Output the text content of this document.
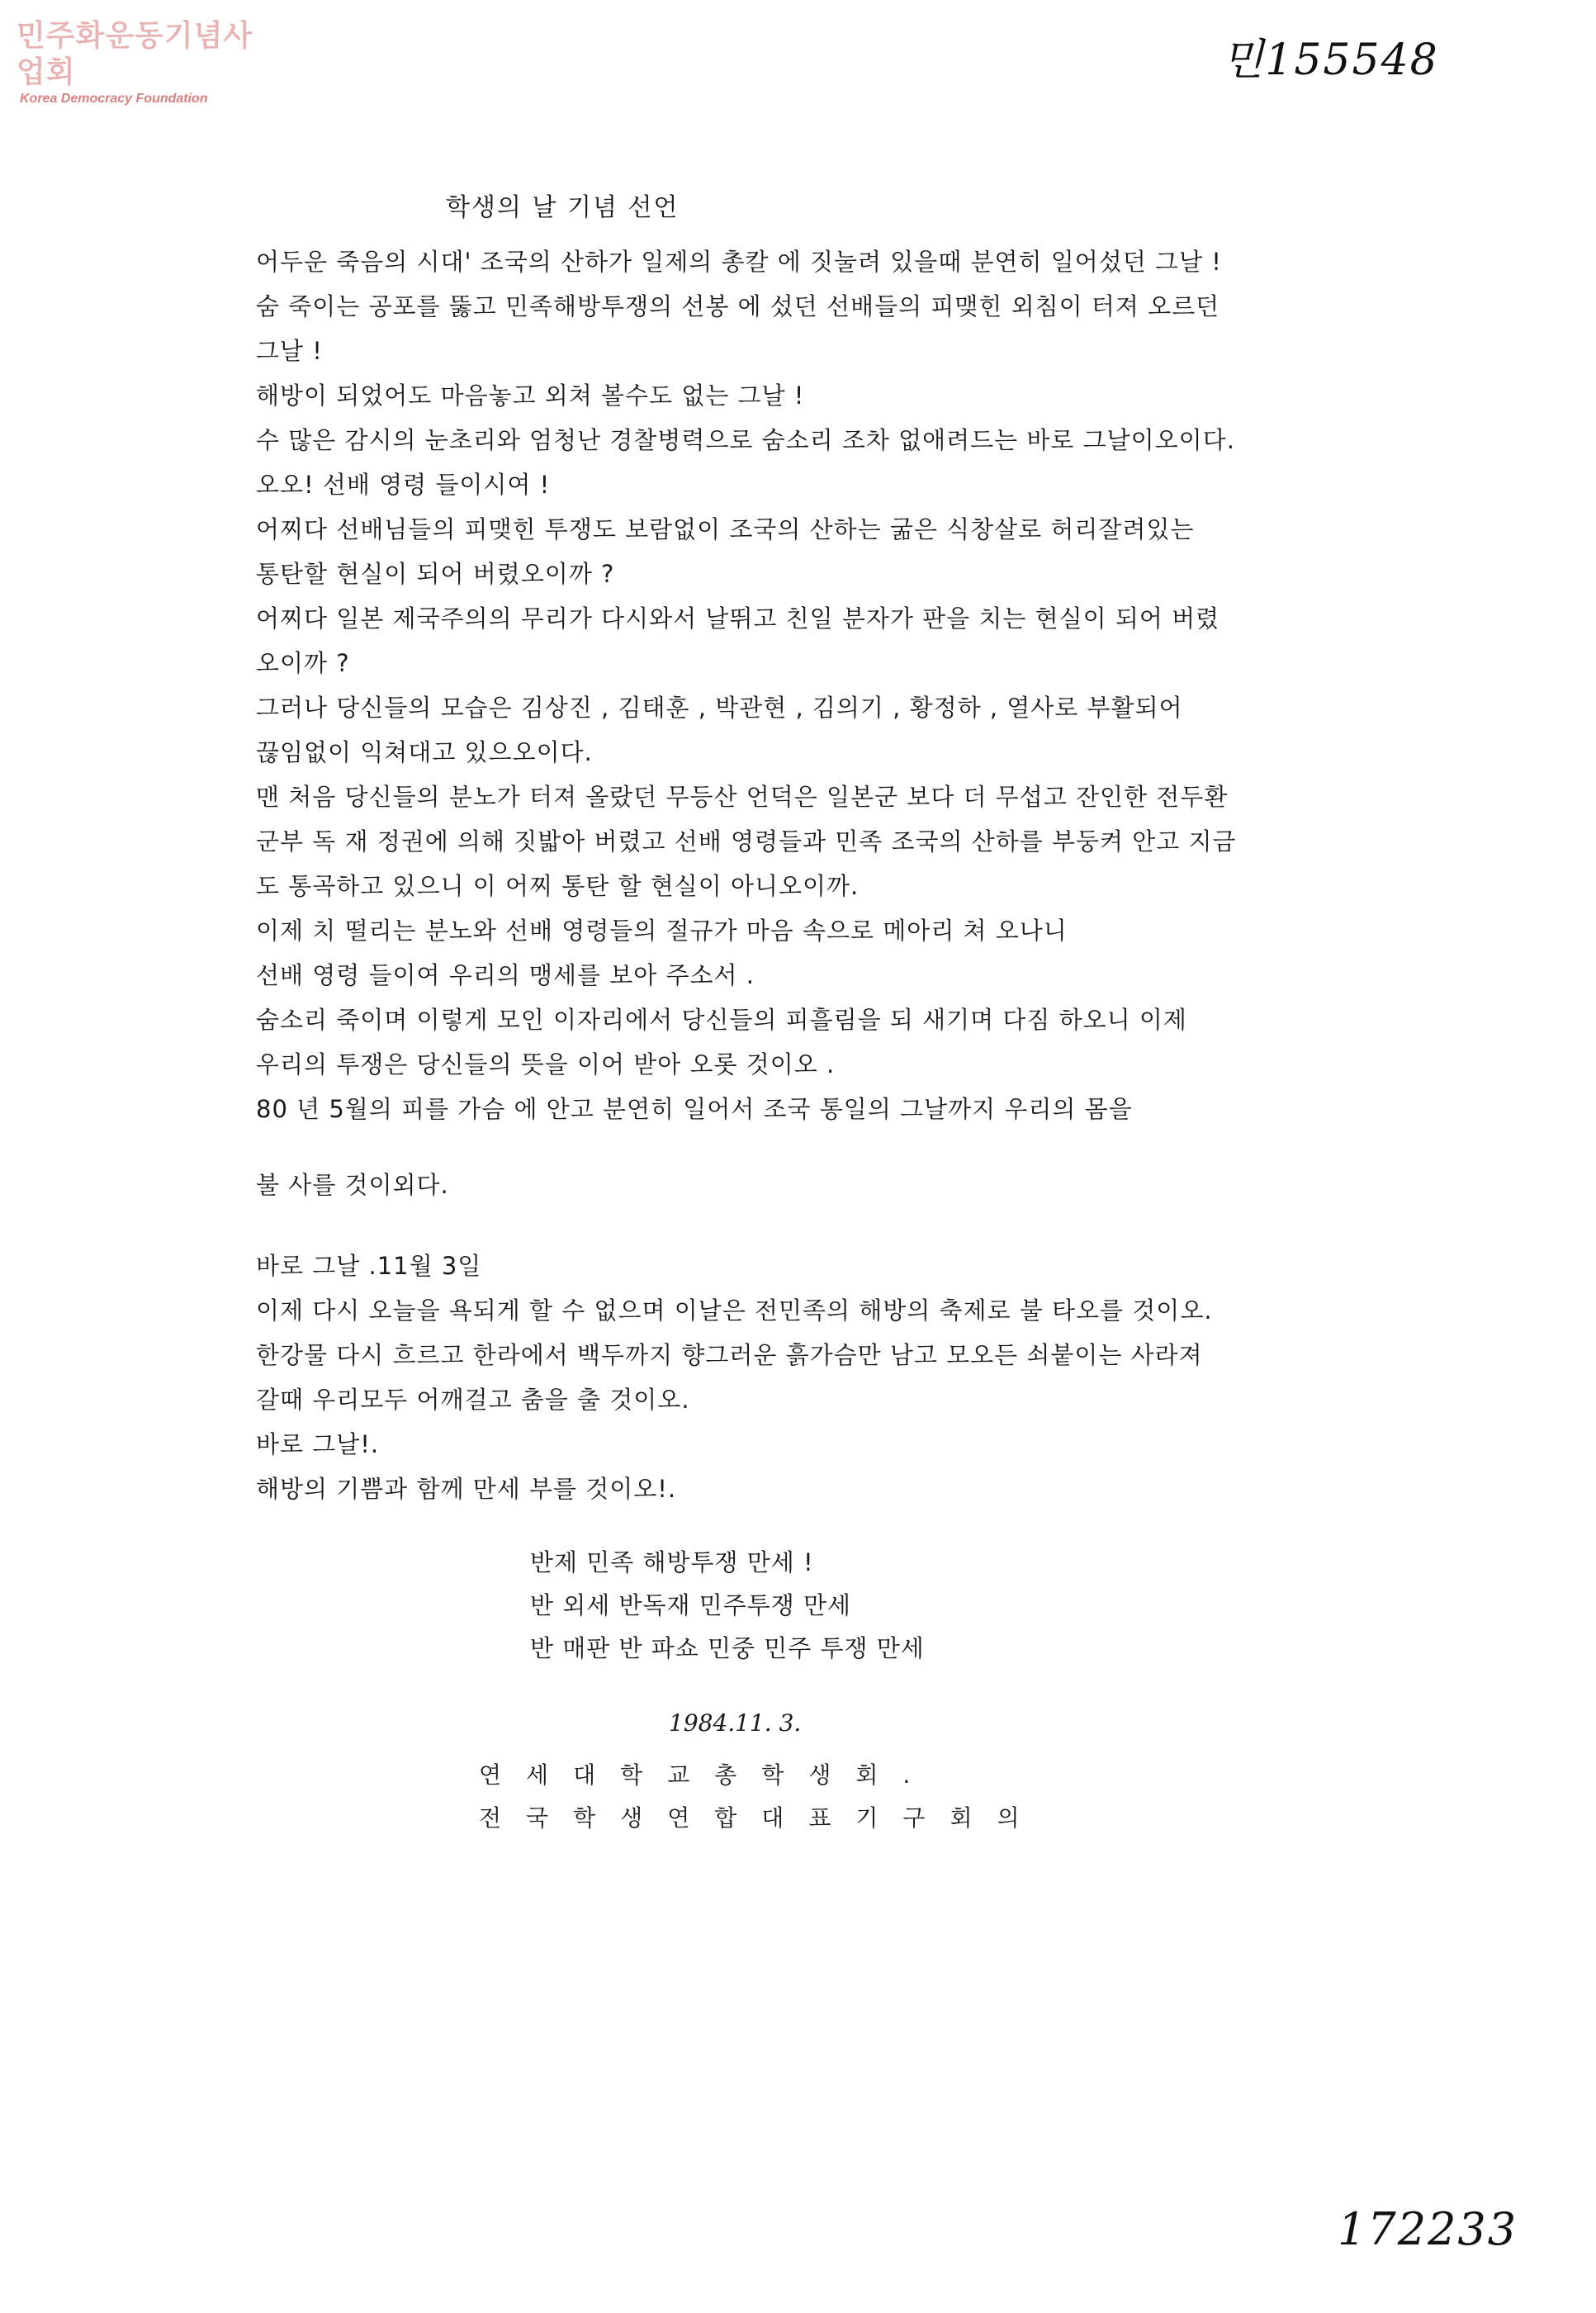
민주화운동기념사업회
Korea Democracy Foundation
민155548
학생의 날 기념 선언

어두운 죽음의 시대' 조국의 산하가 일제의 총칼 에 짓눌려 있을때 분연히 일어섰던 그날 !

숨 죽이는 공포를 뚫고 민족해방투쟁의 선봉 에 섰던 선배들의 피맺힌 외침이 터져 오르던

그날 !

해방이 되었어도 마음놓고 외쳐 볼수도 없는 그날 !

수 많은 감시의 눈초리와 엄청난 경찰병력으로 숨소리 조차 없애려드는 바로 그날이오이다.

오오! 선배 영령 들이시여 !

어찌다 선배님들의 피맺힌 투쟁도 보람없이 조국의 산하는 굶은 식창살로 허리잘려있는

통탄할 현실이 되어 버렸오이까 ?

어찌다 일본 제국주의의 무리가 다시와서 날뛰고 친일 분자가 판을 치는 현실이 되어 버렸

오이까 ?

그러나 당신들의 모습은 김상진 , 김태훈 , 박관현 , 김의기 , 황정하 , 열사로 부활되어

끊임없이 익쳐대고 있으오이다.

맨 처음 당신들의 분노가 터져 올랐던 무등산 언덕은 일본군 보다 더 무섭고 잔인한 전두환

군부 독 재 정권에 의해 짓밟아 버렸고 선배 영령들과 민족 조국의 산하를 부둥켜 안고 지금

도 통곡하고 있으니 이 어찌 통탄 할 현실이 아니오이까.

이제 치 떨리는 분노와 선배 영령들의 절규가 마음 속으로 메아리 쳐 오나니

선배 영령 들이여 우리의 맹세를 보아 주소서 .

숨소리 죽이며 이렇게 모인 이자리에서 당신들의 피흘림을 되 새기며 다짐 하오니 이제

우리의 투쟁은 당신들의 뜻을 이어 받아 오롯 것이오 .

80 년 5월의 피를 가슴 에 안고 분연히 일어서 조국 통일의 그날까지 우리의 몸을

불 사를 것이외다.

바로 그날 .11월 3일

이제 다시 오늘을 욕되게 할 수 없으며 이날은 전민족의 해방의 축제로 불 타오를 것이오.

한강물 다시 흐르고 한라에서 백두까지 향그러운 흙가슴만 남고 모오든 쇠붙이는 사라져

갈때 우리모두 어깨걸고 춤을 출 것이오.

바로 그날!.

해방의 기쁨과 함께 만세 부를 것이오!.

반제 민족 해방투쟁 만세 !

반 외세 반독재 민주투쟁 만세

반 매판 반 파쇼 민중 민주 투쟁 만세

1984.11. 3.

연세대학교총학생회.

전국학생연합대표기구회의

172233
